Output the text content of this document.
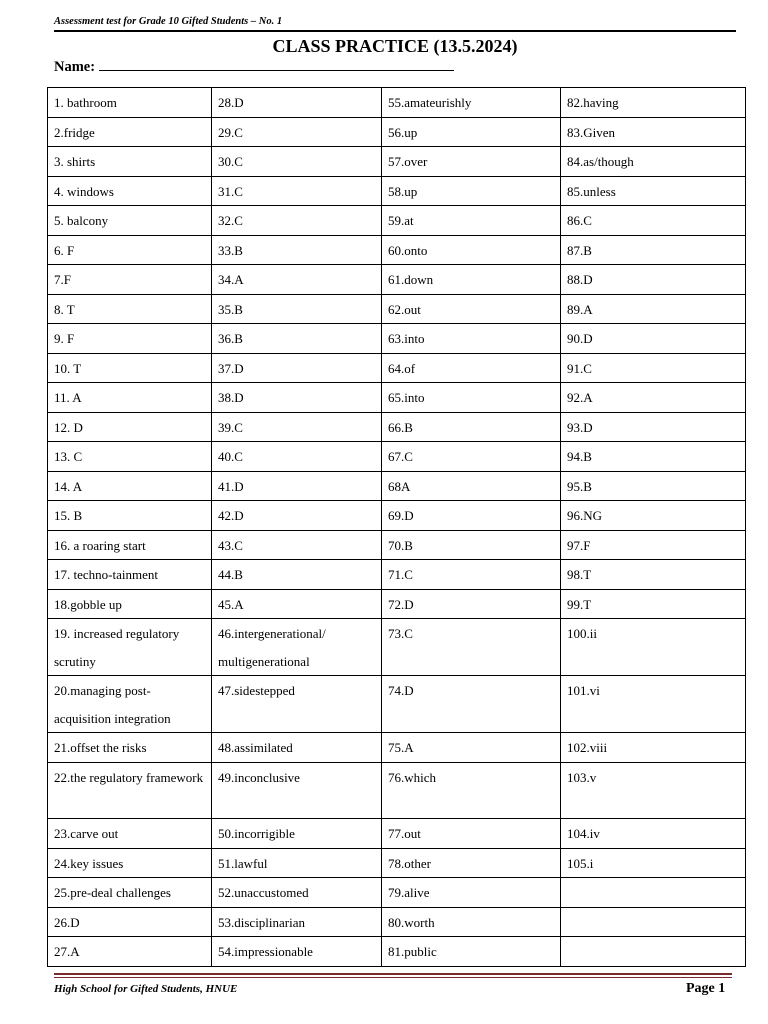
Assessment test for Grade 10 Gifted Students – No. 1
CLASS PRACTICE (13.5.2024)
Name:
1. bathroom	28.D	55.amateurishly	82.having
2.fridge	29.C	56.up	83.Given
3. shirts	30.C	57.over	84.as/though
4. windows	31.C	58.up	85.unless
5. balcony	32.C	59.at	86.C
6. F	33.B	60.onto	87.B
7.F	34.A	61.down	88.D
8. T	35.B	62.out	89.A
9. F	36.B	63.into	90.D
10. T	37.D	64.of	91.C
11. A	38.D	65.into	92.A
12. D	39.C	66.B	93.D
13. C	40.C	67.C	94.B
14. A	41.D	68A	95.B
15. B	42.D	69.D	96.NG
16. a roaring start	43.C	70.B	97.F
17. techno-tainment	44.B	71.C	98.T
18.gobble up	45.A	72.D	99.T
19. increased regulatory scrutiny	46.intergenerational/ multigenerational	73.C	100.ii
20.managing post-acquisition integration	47.sidestepped	74.D	101.vi
21.offset the risks	48.assimilated	75.A	102.viii
22.the regulatory framework	49.inconclusive	76.which	103.v
23.carve out	50.incorrigible	77.out	104.iv
24.key issues	51.lawful	78.other	105.i
25.pre-deal challenges	52.unaccustomed	79.alive	
26.D	53.disciplinarian	80.worth	
27.A	54.impressionable	81.public	
High School for Gifted Students, HNUE	Page 1
